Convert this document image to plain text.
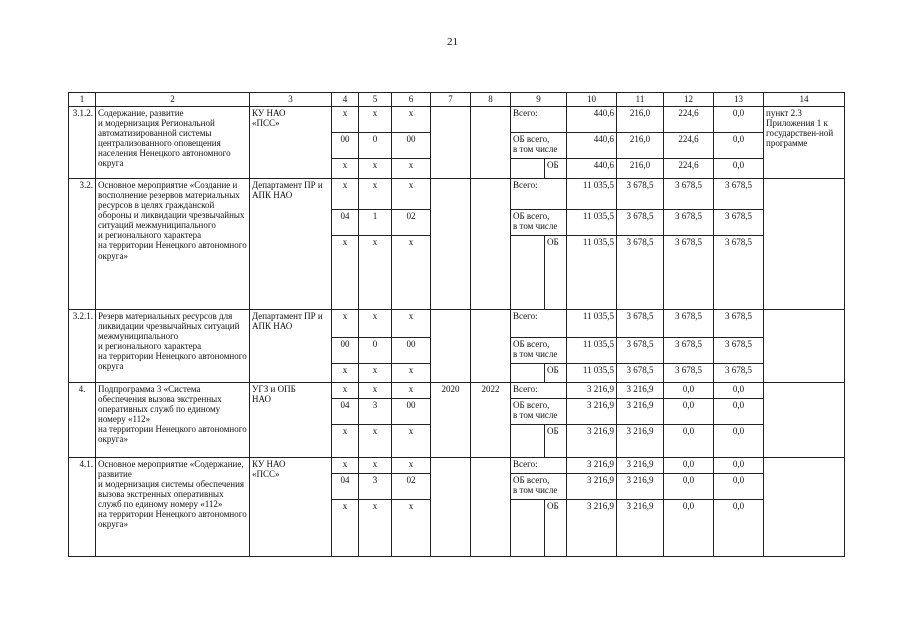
21
1	2	3	4	5	6	7	8	9		10	11	12	13	14
3.1.2.	Содержание, развитие
и модернизация Региональной автоматизированной системы централизованного оповещения населения Ненецкого автономного округа	КУ НАО
«ПСС»	х	х	х			Всего:		440,6	216,0	224,6	0,0	пункт 2.3 Приложения 1 к государствен-ной программе
			00	0	00			ОБ всего,
в том числе		440,6	216,0	224,6	0,0	
			х	х	х				ОБ	440,6	216,0	224,6	0,0	
3.2.	Основное мероприятие «Создание и восполнение резервов материальных ресурсов в целях гражданской обороны и ликвидации чрезвычайных ситуаций межмуниципального
и регионального характера
на территории Ненецкого автономного округа»	Департамент ПР и АПК НАО	х	х	х			Всего:		11 035,5	3 678,5	3 678,5	3 678,5	
			04	1	02			ОБ всего,
в том числе		11 035,5	3 678,5	3 678,5	3 678,5	
			х	х	х				ОБ	11 035,5	3 678,5	3 678,5	3 678,5	
3.2.1.	Резерв материальных ресурсов для ликвидации чрезвычайных ситуаций межмуниципального
и регионального характера
на территории Ненецкого автономного округа	Департамент ПР и АПК НАО	х	х	х			Всего:		11 035,5	3 678,5	3 678,5	3 678,5	
			00	0	00			ОБ всего,
в том числе		11 035,5	3 678,5	3 678,5	3 678,5	
			х	х	х				ОБ	11 035,5	3 678,5	3 678,5	3 678,5	
4.	Подпрограмма 3 «Система обеспечения вызова экстренных оперативных служб по единому номеру «112»
на территории Ненецкого автономного округа»	УГЗ и ОПБ
НАО	х	х	х	2020	2022	Всего:		3 216,9	3 216,9	0,0	0,0	
			04	3	00			ОБ всего,
в том числе		3 216,9	3 216,9	0,0	0,0	
			х	х	х				ОБ	3 216,9	3 216,9	0,0	0,0	
4.1.	Основное мероприятие «Содержание, развитие
и модернизация системы обеспечения вызова экстренных оперативных служб по единому номеру «112»
на территории Ненецкого автономного округа»	КУ НАО
«ПСС»	х	х	х			Всего:		3 216,9	3 216,9	0,0	0,0	
			04	3	02			ОБ всего,
в том числе		3 216,9	3 216,9	0,0	0,0	
			х	х	х				ОБ	3 216,9	3 216,9	0,0	0,0	
